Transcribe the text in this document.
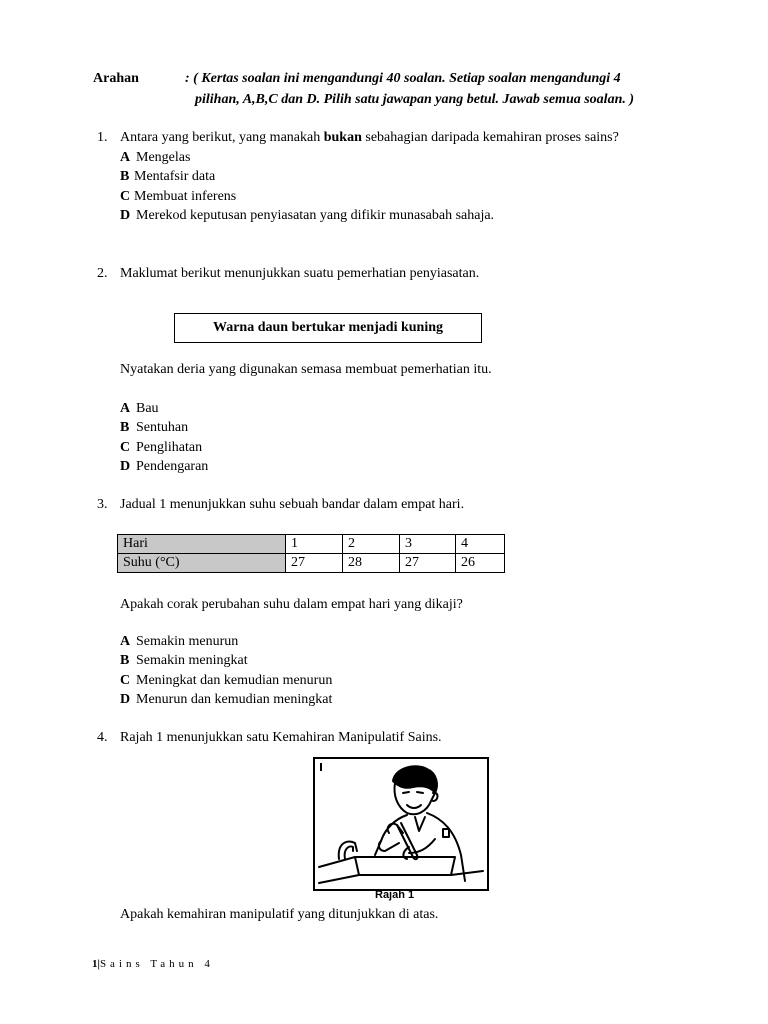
Arahan	: ( Kertas soalan ini mengandungi 40 soalan. Setiap soalan mengandungi 4
pilihan, A,B,C dan D. Pilih satu jawapan yang betul. Jawab semua soalan. )
1. Antara yang berikut, yang manakah bukan sebahagian daripada kemahiran proses sains?
A Mengelas
B Mentafsir data
C Membuat inferens
D Merekod keputusan penyiasatan yang difikir munasabah sahaja.
2. Maklumat berikut menunjukkan suatu pemerhatian penyiasatan.
Warna daun bertukar menjadi kuning
Nyatakan deria yang digunakan semasa membuat pemerhatian itu.
A Bau
B Sentuhan
C Penglihatan
D Pendengaran
3. Jadual 1 menunjukkan suhu sebuah bandar dalam empat hari.
Hari	1	2	3	4
Suhu (°C)	27	28	27	26
Apakah corak perubahan suhu dalam empat hari yang dikaji?
A Semakin menurun
B Semakin meningkat
C Meningkat dan kemudian menurun
D Menurun dan kemudian meningkat
4. Rajah 1 menunjukkan satu Kemahiran Manipulatif Sains.
Rajah 1
Apakah kemahiran manipulatif yang ditunjukkan di atas.
1|Sains Tahun 4
